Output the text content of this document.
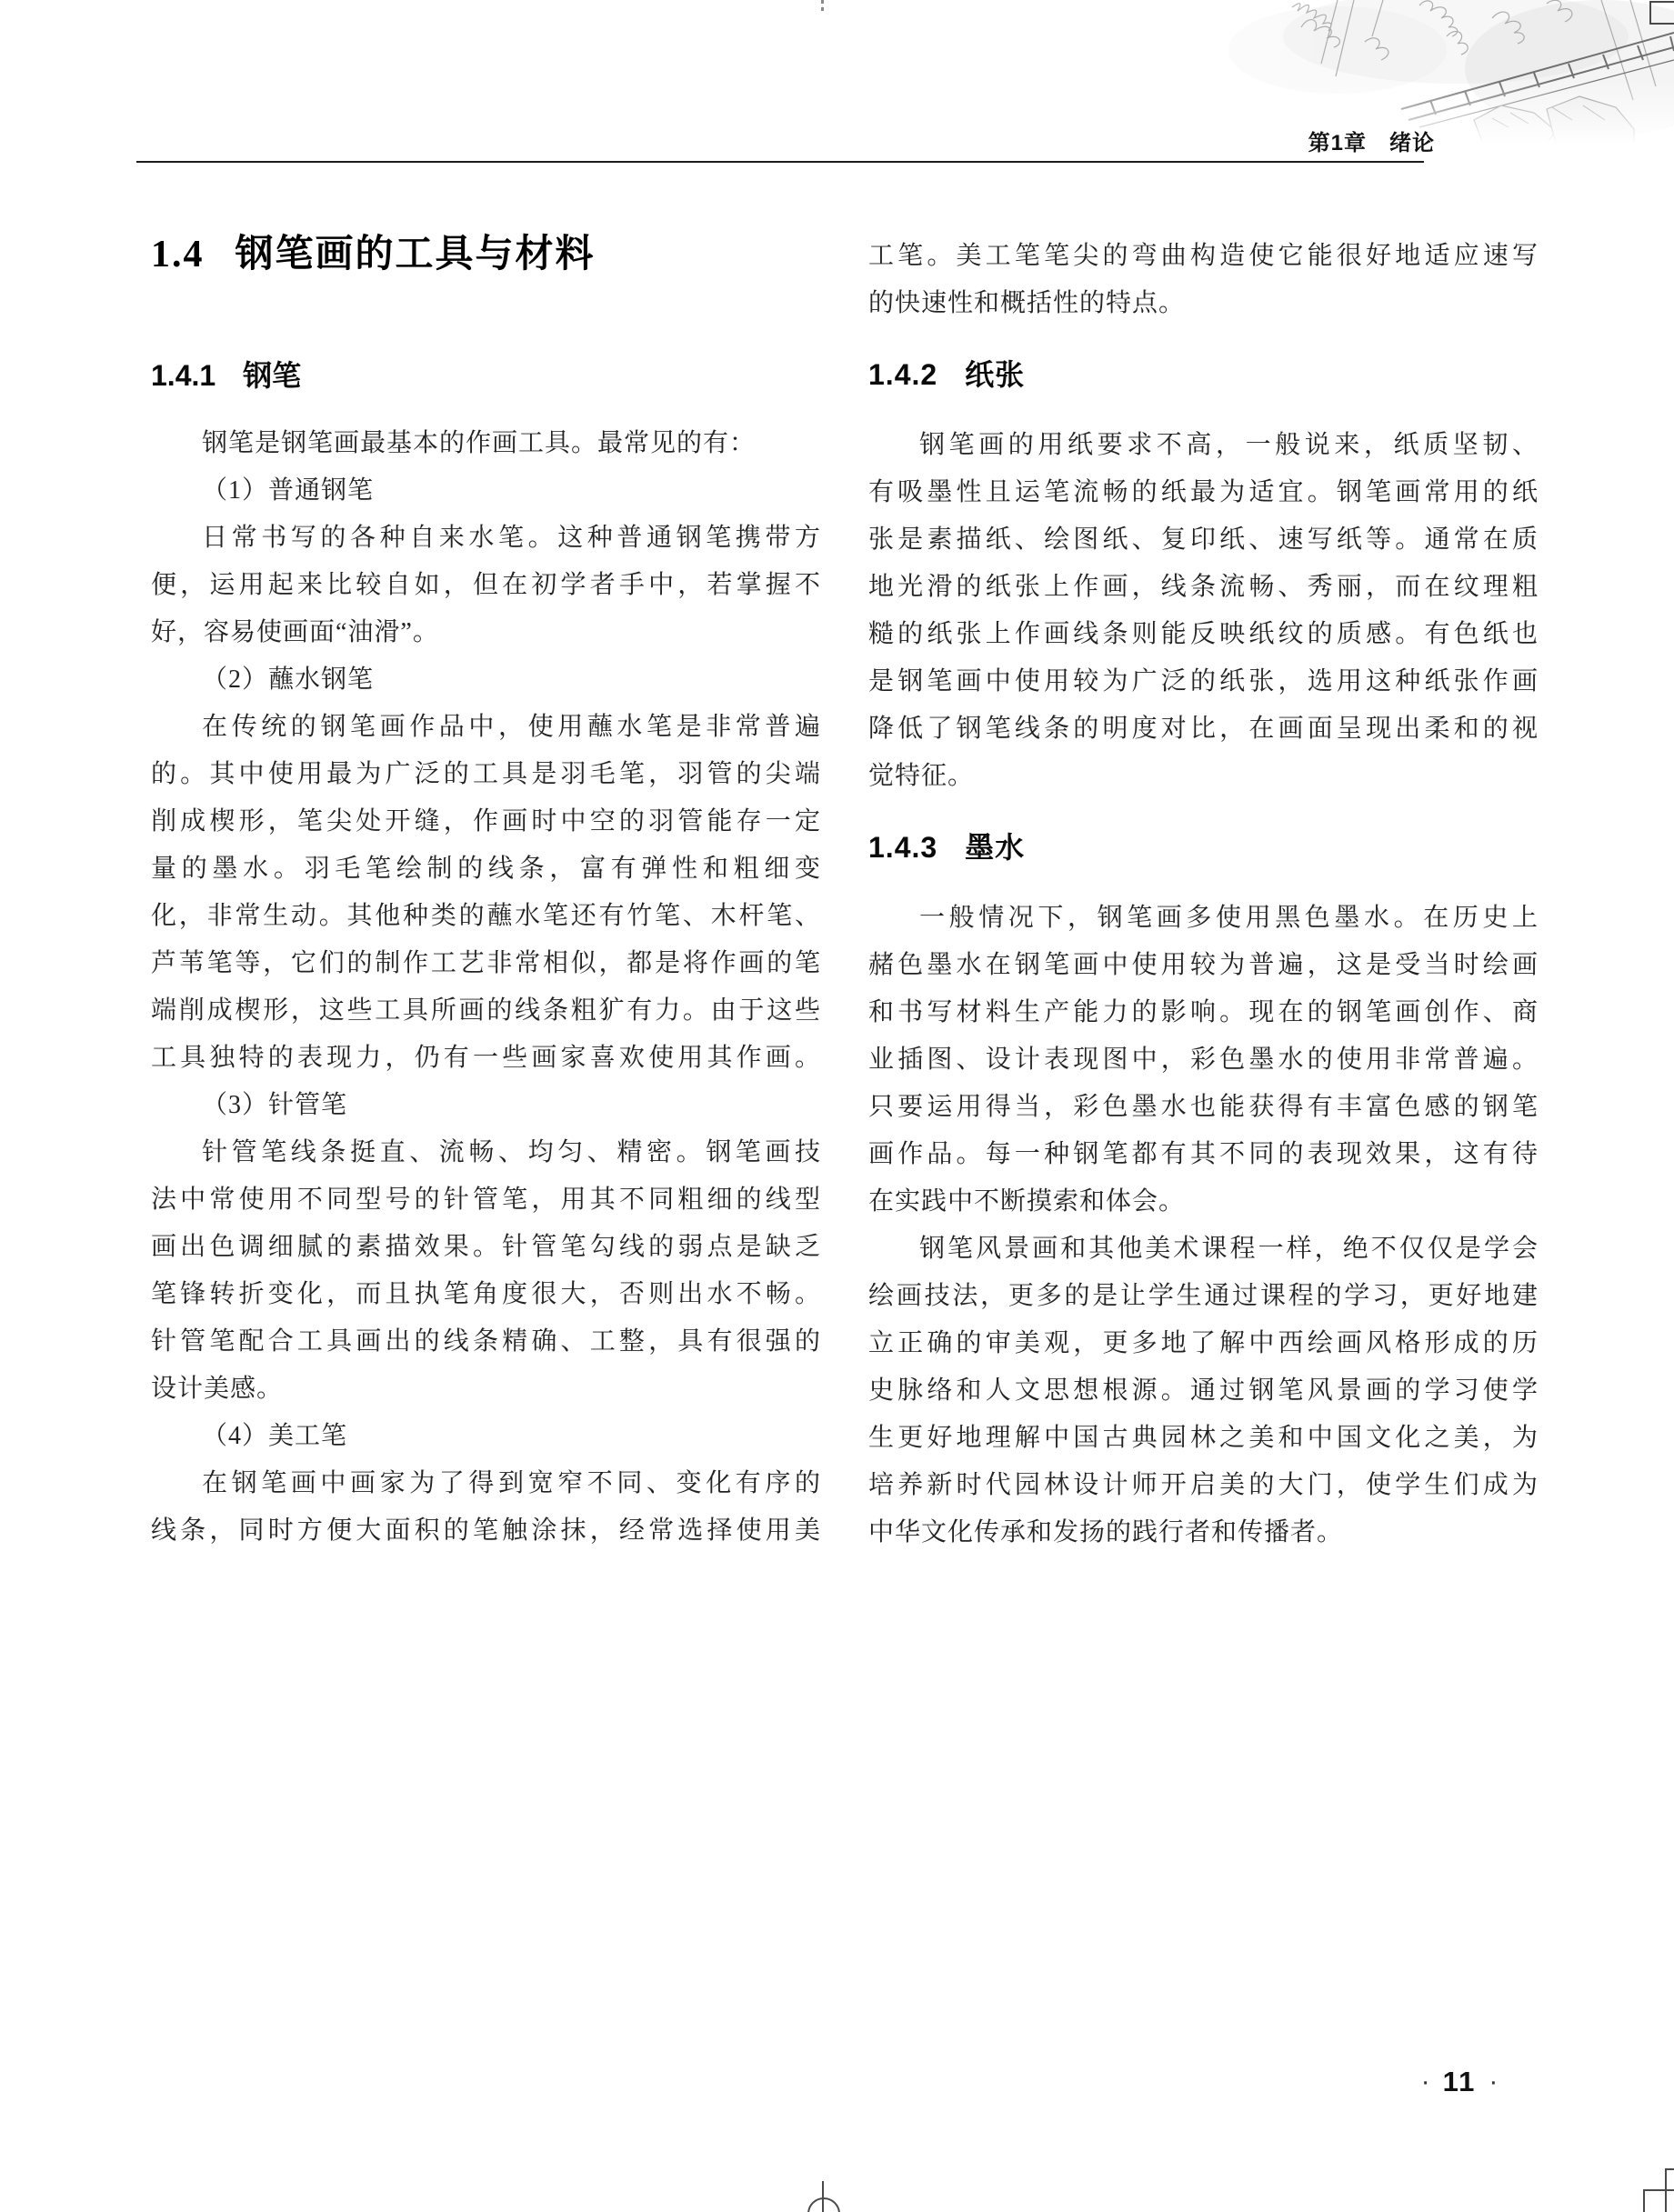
第1章　绪论
1.4 钢笔画的工具与材料
1.4.1 钢笔
钢笔是钢笔画最基本的作画工具。最常见的有：
（1）普通钢笔
日常书写的各种自来水笔。这种普通钢笔携带方
便，运用起来比较自如，但在初学者手中，若掌握不
好，容易使画面“油滑”。
（2）蘸水钢笔
在传统的钢笔画作品中，使用蘸水笔是非常普遍
的。其中使用最为广泛的工具是羽毛笔，羽管的尖端
削成楔形，笔尖处开缝，作画时中空的羽管能存一定
量的墨水。羽毛笔绘制的线条，富有弹性和粗细变
化，非常生动。其他种类的蘸水笔还有竹笔、木杆笔、
芦苇笔等，它们的制作工艺非常相似，都是将作画的笔
端削成楔形，这些工具所画的线条粗犷有力。由于这些
工具独特的表现力，仍有一些画家喜欢使用其作画。
（3）针管笔
针管笔线条挺直、流畅、均匀、精密。钢笔画技
法中常使用不同型号的针管笔，用其不同粗细的线型
画出色调细腻的素描效果。针管笔勾线的弱点是缺乏
笔锋转折变化，而且执笔角度很大，否则出水不畅。
针管笔配合工具画出的线条精确、工整，具有很强的
设计美感。
（4）美工笔
在钢笔画中画家为了得到宽窄不同、变化有序的
线条，同时方便大面积的笔触涂抹，经常选择使用美
工笔。美工笔笔尖的弯曲构造使它能很好地适应速写
的快速性和概括性的特点。
1.4.2 纸张
钢笔画的用纸要求不高，一般说来，纸质坚韧、
有吸墨性且运笔流畅的纸最为适宜。钢笔画常用的纸
张是素描纸、绘图纸、复印纸、速写纸等。通常在质
地光滑的纸张上作画，线条流畅、秀丽，而在纹理粗
糙的纸张上作画线条则能反映纸纹的质感。有色纸也
是钢笔画中使用较为广泛的纸张，选用这种纸张作画
降低了钢笔线条的明度对比，在画面呈现出柔和的视
觉特征。
1.4.3 墨水
一般情况下，钢笔画多使用黑色墨水。在历史上
赭色墨水在钢笔画中使用较为普遍，这是受当时绘画
和书写材料生产能力的影响。现在的钢笔画创作、商
业插图、设计表现图中，彩色墨水的使用非常普遍。
只要运用得当，彩色墨水也能获得有丰富色感的钢笔
画作品。每一种钢笔都有其不同的表现效果，这有待
在实践中不断摸索和体会。
钢笔风景画和其他美术课程一样，绝不仅仅是学会
绘画技法，更多的是让学生通过课程的学习，更好地建
立正确的审美观，更多地了解中西绘画风格形成的历
史脉络和人文思想根源。通过钢笔风景画的学习使学
生更好地理解中国古典园林之美和中国文化之美，为
培养新时代园林设计师开启美的大门，使学生们成为
中华文化传承和发扬的践行者和传播者。
· 11 ·
